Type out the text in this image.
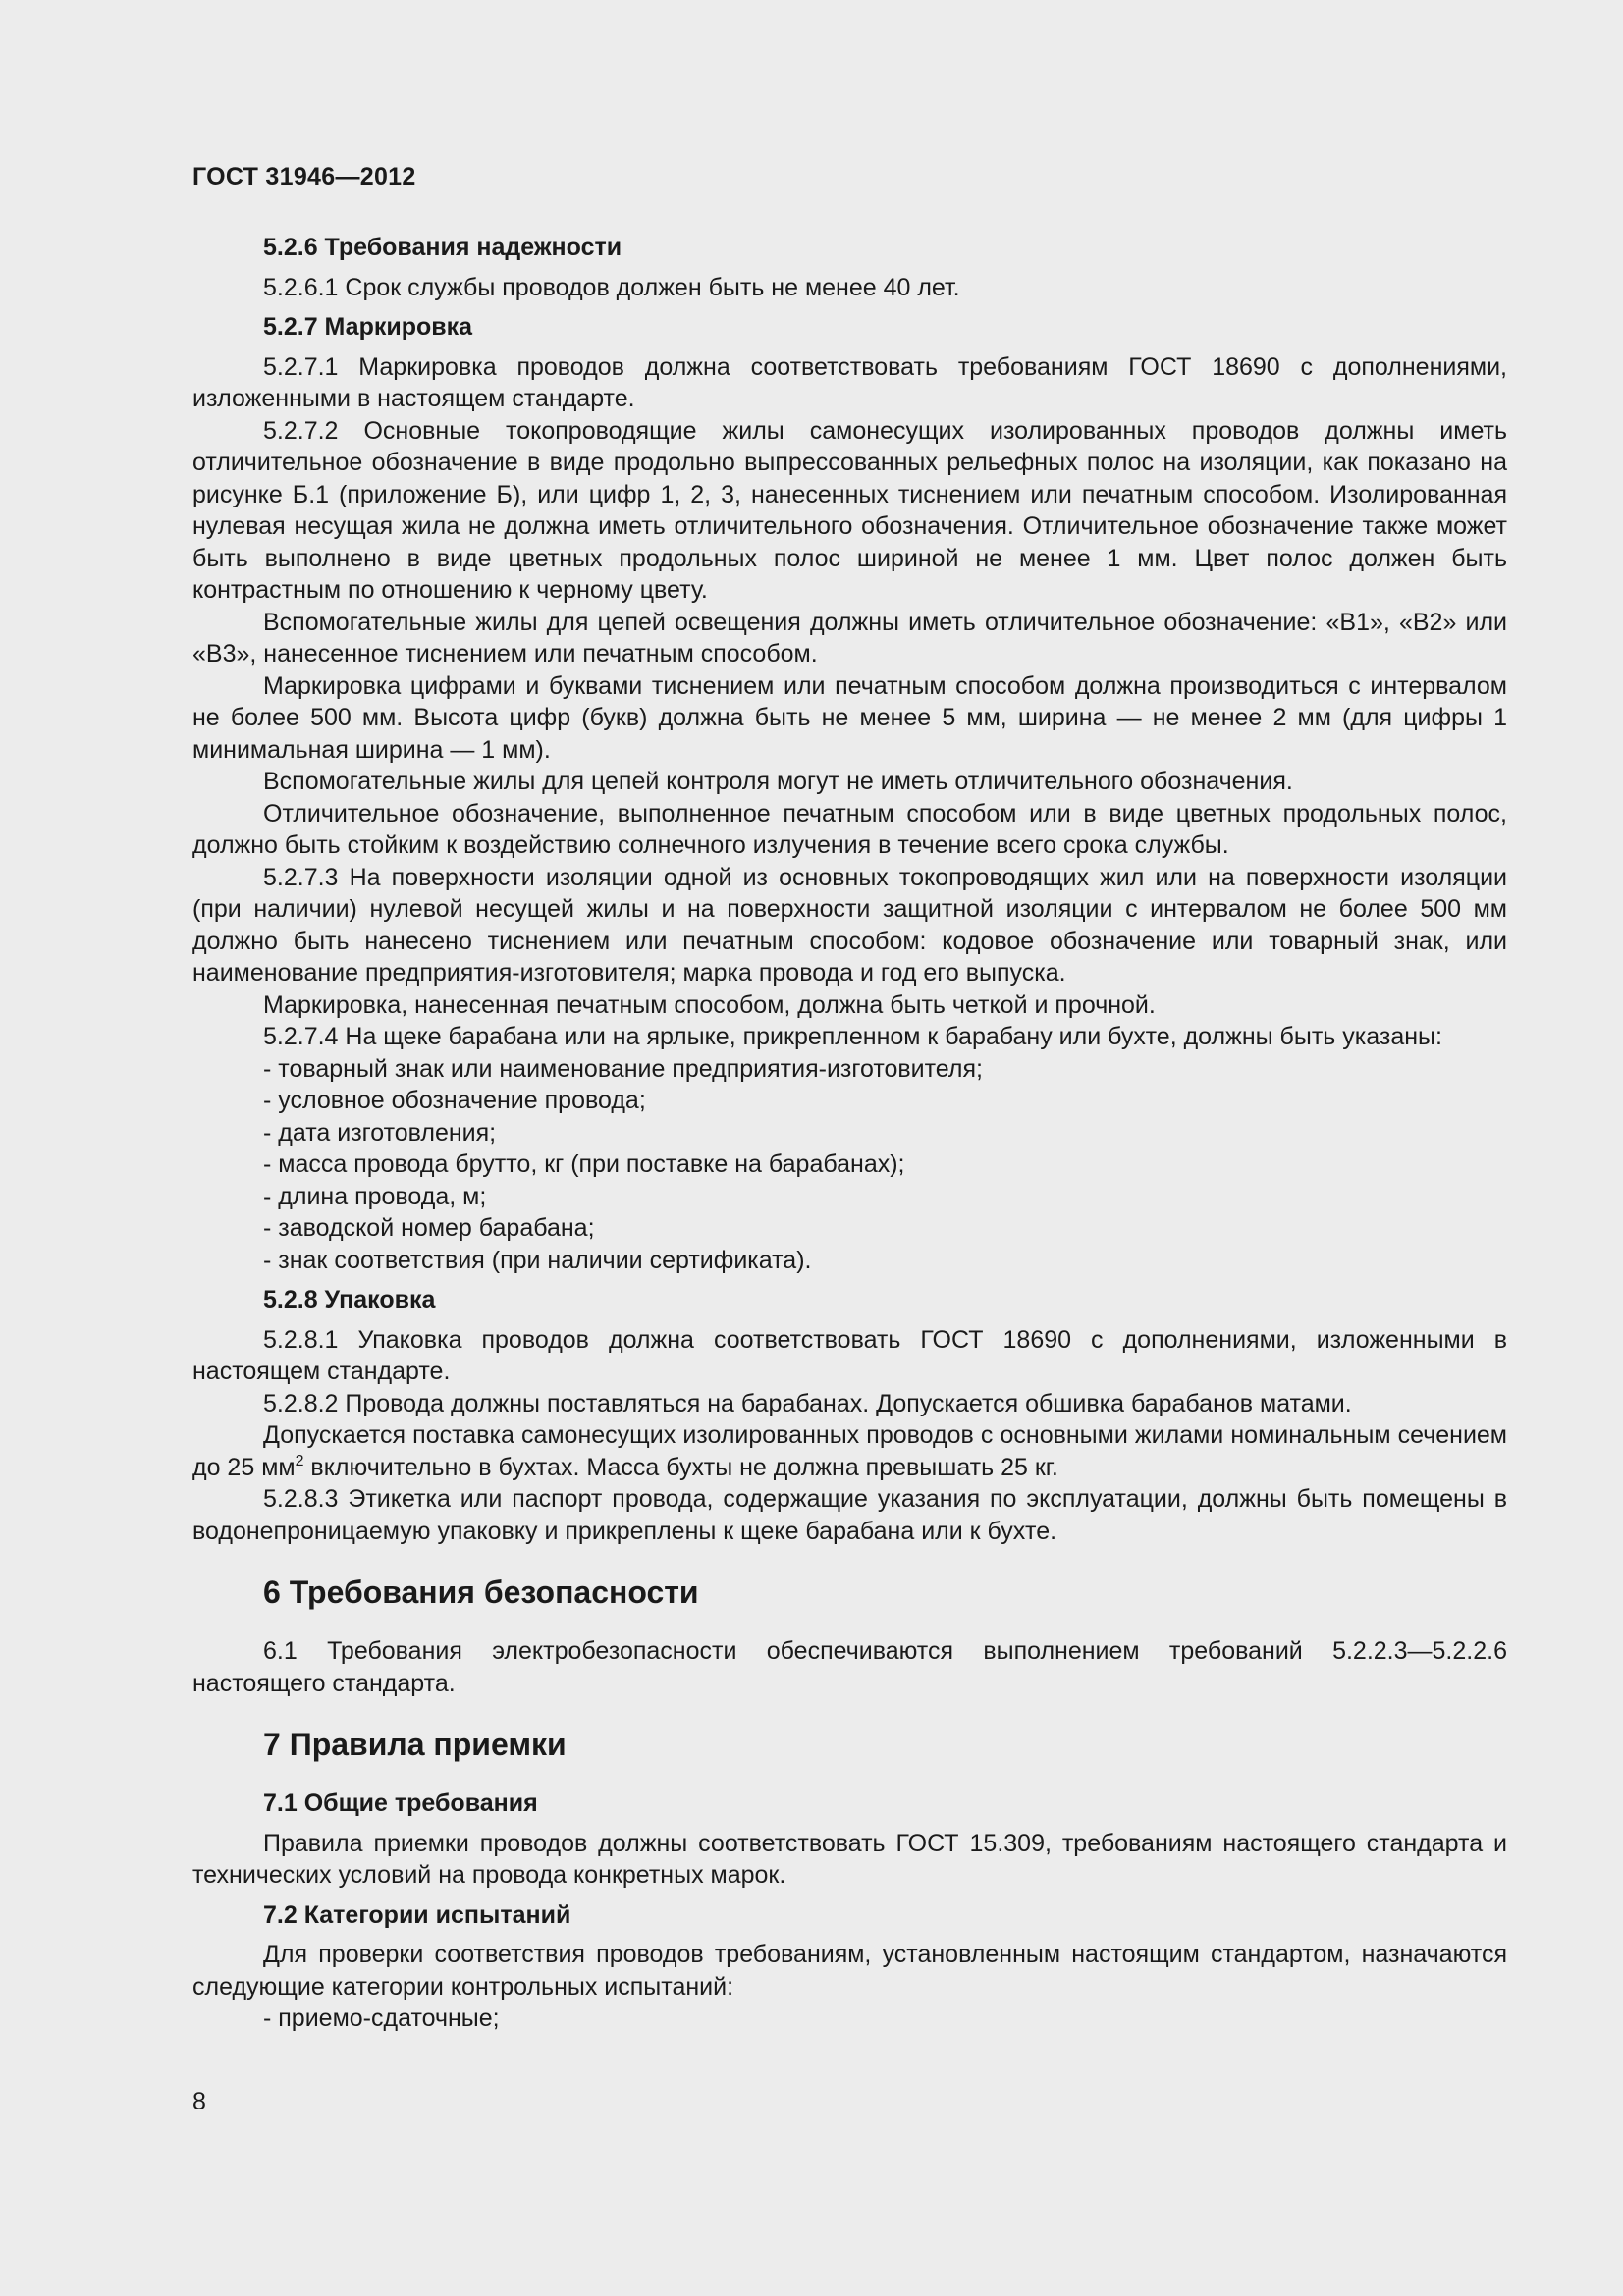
ГОСТ 31946—2012
5.2.6 Требования надежности

5.2.6.1 Срок службы проводов должен быть не менее 40 лет.

5.2.7 Маркировка

5.2.7.1 Маркировка проводов должна соответствовать требованиям ГОСТ 18690 с дополнениями, изложенными в настоящем стандарте.

5.2.7.2 Основные токопроводящие жилы самонесущих изолированных проводов должны иметь отличительное обозначение в виде продольно выпрессованных рельефных полос на изоляции, как показано на рисунке Б.1 (приложение Б), или цифр 1, 2, 3, нанесенных тиснением или печатным способом. Изолированная нулевая несущая жила не должна иметь отличительного обозначения. Отличительное обозначение также может быть выполнено в виде цветных продольных полос шириной не менее 1 мм. Цвет полос должен быть контрастным по отношению к черному цвету.

Вспомогательные жилы для цепей освещения должны иметь отличительное обозначение: «В1», «В2» или «В3», нанесенное тиснением или печатным способом.

Маркировка цифрами и буквами тиснением или печатным способом должна производиться с интервалом не более 500 мм. Высота цифр (букв) должна быть не менее 5 мм, ширина — не менее 2 мм (для цифры 1 минимальная ширина — 1 мм).

Вспомогательные жилы для цепей контроля могут не иметь отличительного обозначения.

Отличительное обозначение, выполненное печатным способом или в виде цветных продольных полос, должно быть стойким к воздействию солнечного излучения в течение всего срока службы.

5.2.7.3 На поверхности изоляции одной из основных токопроводящих жил или на поверхности изоляции (при наличии) нулевой несущей жилы и на поверхности защитной изоляции с интервалом не более 500 мм должно быть нанесено тиснением или печатным способом: кодовое обозначение или товарный знак, или наименование предприятия-изготовителя; марка провода и год его выпуска.

Маркировка, нанесенная печатным способом, должна быть четкой и прочной.

5.2.7.4 На щеке барабана или на ярлыке, прикрепленном к барабану или бухте, должны быть указаны:

- товарный знак или наименование предприятия-изготовителя;
- условное обозначение провода;
- дата изготовления;
- масса провода брутто, кг (при поставке на барабанах);
- длина провода, м;
- заводской номер барабана;
- знак соответствия (при наличии сертификата).
5.2.8 Упаковка

5.2.8.1 Упаковка проводов должна соответствовать ГОСТ 18690 с дополнениями, изложенными в настоящем стандарте.

5.2.8.2 Провода должны поставляться на барабанах. Допускается обшивка барабанов матами.

Допускается поставка самонесущих изолированных проводов с основными жилами номинальным сечением до 25 $мм^2$ включительно в бухтах. Масса бухты не должна превышать 25 кг.

5.2.8.3 Этикетка или паспорт провода, содержащие указания по эксплуатации, должны быть помещены в водонепроницаемую упаковку и прикреплены к щеке барабана или к бухте.

6 Требования безопасности

6.1 Требования электробезопасности обеспечиваются выполнением требований 5.2.2.3—5.2.2.6 настоящего стандарта.

7 Правила приемки
7.1 Общие требования

Правила приемки проводов должны соответствовать ГОСТ 15.309, требованиям настоящего стандарта и технических условий на провода конкретных марок.

7.2 Категории испытаний

Для проверки соответствия проводов требованиям, установленным настоящим стандартом, назначаются следующие категории контрольных испытаний:

- приемо-сдаточные;
8
